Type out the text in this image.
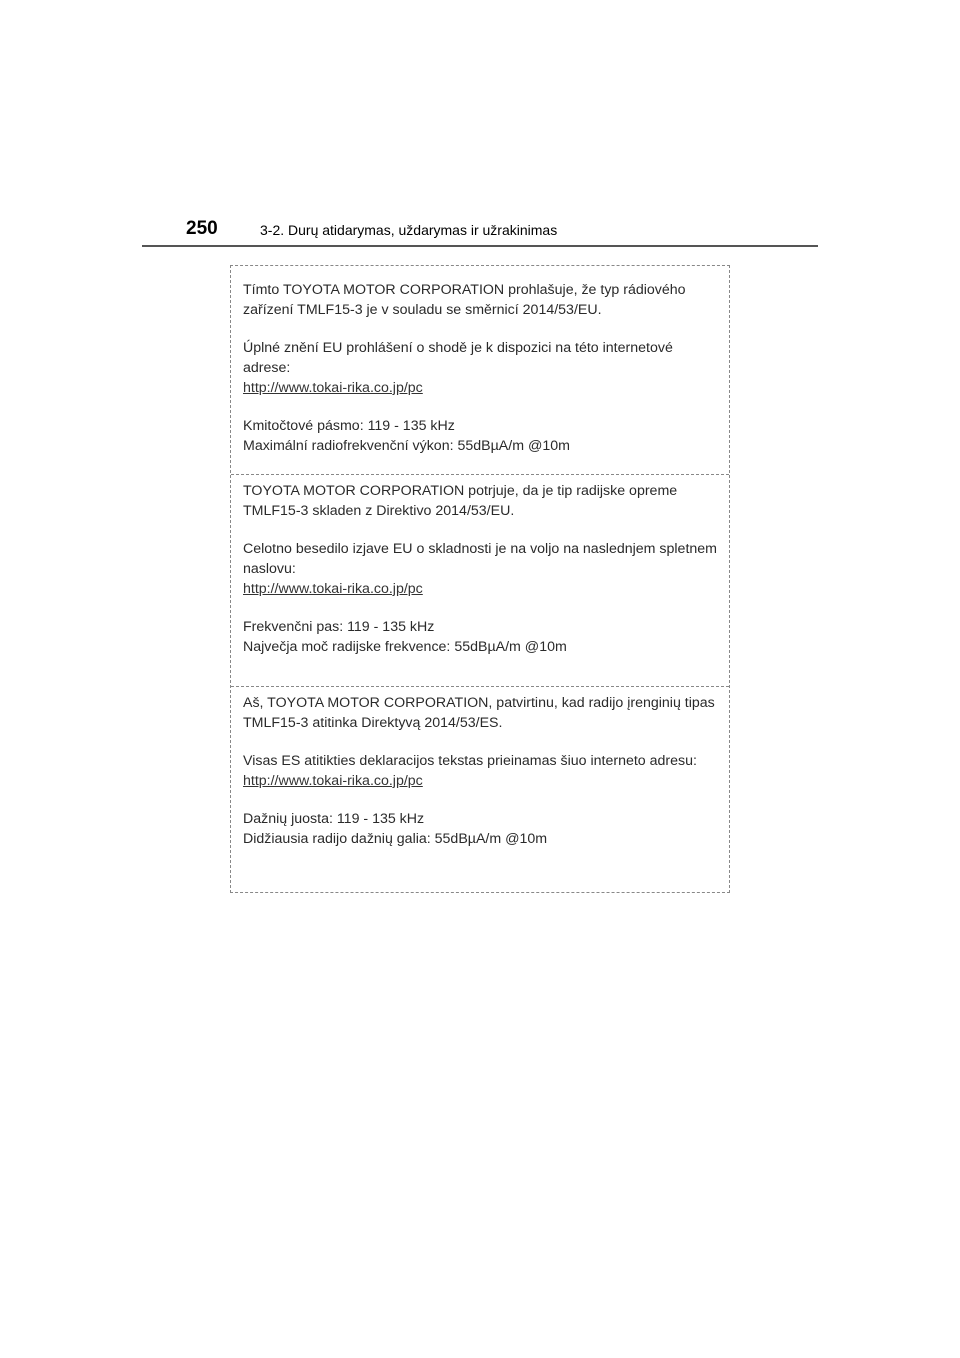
250	3-2. Durų atidarymas, uždarymas ir užrakinimas

Tímto TOYOTA MOTOR CORPORATION prohlašuje, že typ rádiového zařízení TMLF15-3 je v souladu se směrnicí 2014/53/EU.

Úplné znění EU prohlášení o shodě je k dispozici na této internetové adrese:

http://www.tokai-rika.co.jp/pc

Kmitočtové pásmo: 119 - 135 kHz

Maximální radiofrekvenční výkon: 55dBµA/m @10m

TOYOTA MOTOR CORPORATION potrjuje, da je tip radijske opreme TMLF15-3 skladen z Direktivo 2014/53/EU.

Celotno besedilo izjave EU o skladnosti je na voljo na naslednjem spletnem naslovu:

http://www.tokai-rika.co.jp/pc

Frekvenčni pas: 119 - 135 kHz

Največja moč radijske frekvence: 55dBµA/m @10m

Aš, TOYOTA MOTOR CORPORATION, patvirtinu, kad radijo įrenginių tipas TMLF15-3 atitinka Direktyvą 2014/53/ES.

Visas ES atitikties deklaracijos tekstas prieinamas šiuo interneto adresu:

http://www.tokai-rika.co.jp/pc

Dažnių juosta: 119 - 135 kHz

Didžiausia radijo dažnių galia: 55dBµA/m @10m
